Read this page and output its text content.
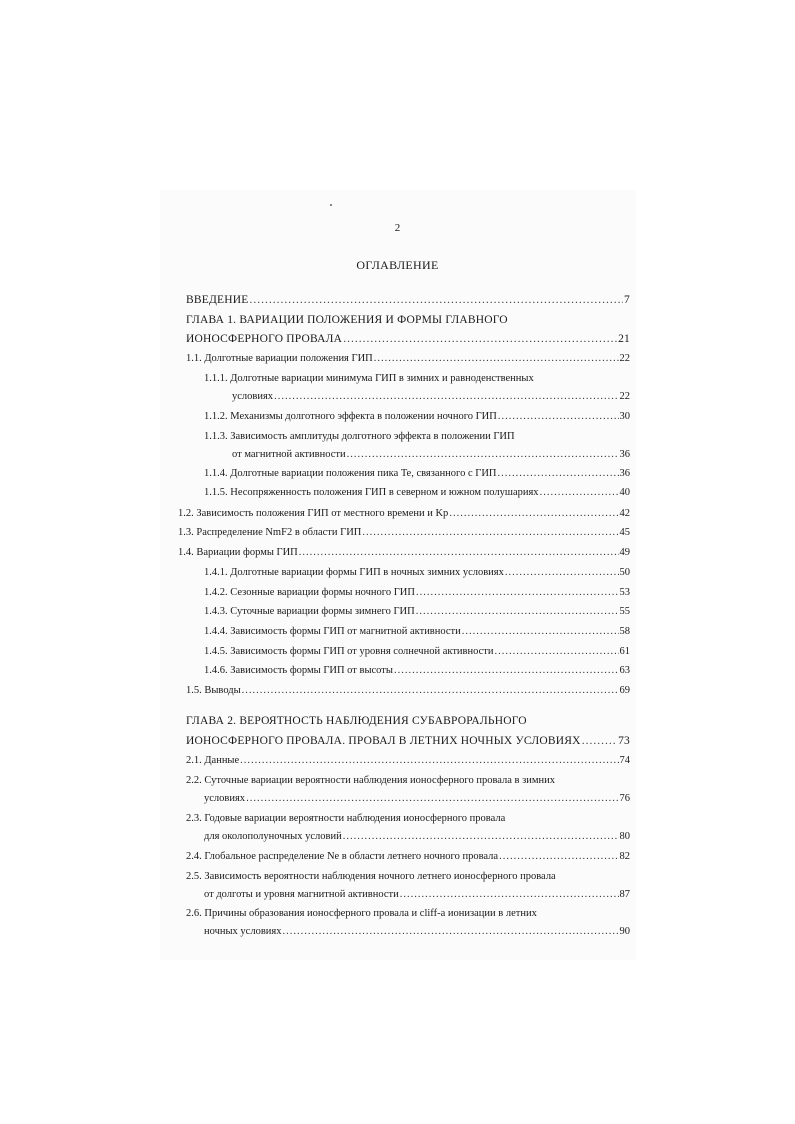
2
ОГЛАВЛЕНИЕ
ВВЕДЕНИЕ .....	7
ГЛАВА 1. ВАРИАЦИИ ПОЛОЖЕНИЯ И ФОРМЫ ГЛАВНОГО
ИОНОСФЕРНОГО ПРОВАЛА .....	21
1.1. Долготные вариации положения ГИП .....	22
1.1.1. Долготные вариации минимума ГИП в зимних и равноденственных
условиях .....	22
1.1.2. Механизмы долготного эффекта в положении ночного ГИП .....	30
1.1.3. Зависимость амплитуды долготного эффекта в положении ГИП
от магнитной активности .....	36
1.1.4. Долготные вариации положения пика Te, связанного с ГИП .....	36
1.1.5. Несопряженность положения ГИП в северном и южном полушариях .....	40
1.2. Зависимость положения ГИП от местного времени и Kp .....	42
1.3. Распределение NmF2 в области ГИП .....	45
1.4. Вариации формы ГИП .....	49
1.4.1. Долготные вариации формы ГИП в ночных зимних условиях .....	50
1.4.2. Сезонные вариации формы ночного ГИП .....	53
1.4.3. Суточные вариации формы зимнего ГИП .....	55
1.4.4. Зависимость формы ГИП от магнитной активности .....	58
1.4.5. Зависимость формы ГИП от уровня солнечной активности .....	61
1.4.6. Зависимость формы ГИП от высоты .....	63
1.5. Выводы .....	69
ГЛАВА 2. ВЕРОЯТНОСТЬ НАБЛЮДЕНИЯ СУБАВРОРАЛЬНОГО
ИОНОСФЕРНОГО ПРОВАЛА. ПРОВАЛ В ЛЕТНИХ НОЧНЫХ УСЛОВИЯХ .....	73
2.1. Данные .....	74
2.2. Суточные вариации вероятности наблюдения ионосферного провала в зимних
условиях .....	76
2.3. Годовые вариации вероятности наблюдения ионосферного провала
для околополуночных условий .....	80
2.4. Глобальное распределение Ne в области летнего ночного провала .....	82
2.5. Зависимость вероятности наблюдения ночного летнего ионосферного провала
от долготы и уровня магнитной активности .....	87
2.6. Причины образования ионосферного провала и cliff-а ионизации в летних
ночных условиях .....	90
